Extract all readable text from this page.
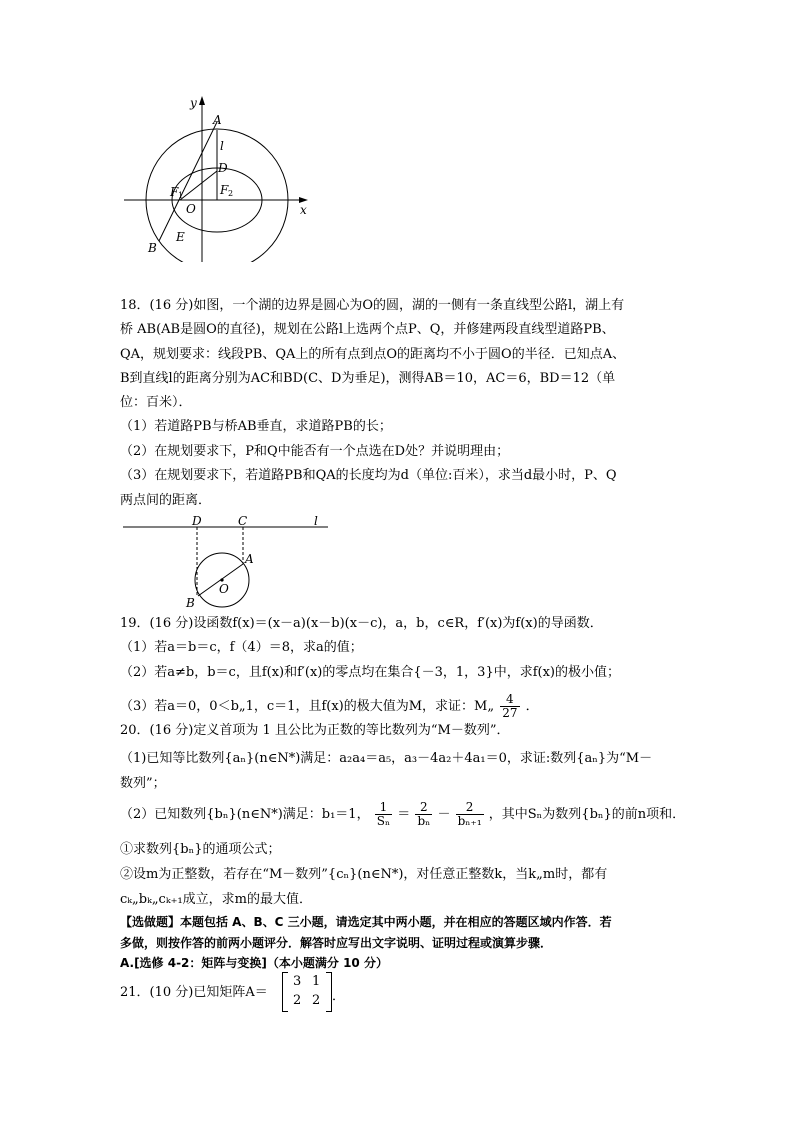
y
x
A
l
D
F 1	F 2
O
E
B
18．(16 分)如图，一个湖的边界是圆心为O的圆，湖的一侧有一条直线型公路l，湖上有
桥 AB(AB是圆O的直径)，规划在公路l上选两个点P、Q，并修建两段直线型道路PB、
QA，规划要求：线段PB、QA上的所有点到点O的距离均不小于圆O的半径．已知点A、
B到直线l的距离分别为AC和BD(C、D为垂足)，测得AB＝10，AC＝6，BD＝12（单
位：百米）．
（1）若道路PB与桥AB垂直，求道路PB的长；
（2）在规划要求下，P和Q中能否有一个点选在D处？并说明理由；
（3）在规划要求下，若道路PB和QA的长度均为d（单位:百米），求当d最小时，P、Q
两点间的距离．
D	C	l
A
O
B
19．(16 分)设函数f(x)＝(x－a)(x－b)(x－c)，a，b，c∈R，f′(x)为f(x)的导函数．
（1）若a＝b＝c，f（4）＝8，求a的值；
（2）若a≠b，b＝c，且f(x)和f′(x)的零点均在集合{－3，1，3}中，求f(x)的极小值；
（3）若a＝0，0＜b„1，c＝1，且f(x)的极大值为M，求证：M„ $\frac{4}{27}$ ．
20．(16 分)定义首项为 1 且公比为正数的等比数列为“M－数列”．
（1)已知等比数列{aₙ}(n∈N*)满足：a₂a₄＝a₅，a₃－4a₂＋4a₁＝0，求证:数列{aₙ}为“M－
数列”；
（2）已知数列{bₙ}(n∈N*)满足：b₁＝1， $\frac{1}{\text{Sₙ}} = \frac{2}{\text{bₙ}} - \frac{2}{\text{bₙ₊₁}}$ ，其中Sₙ为数列{bₙ}的前n项和．
①求数列{bₙ}的通项公式；
②设m为正整数，若存在“M－数列”{cₙ}(n∈N*)，对任意正整数k，当k„m时，都有
cₖ„bₖ„cₖ₊₁成立，求m的最大值．
【选做题】本题包括 A、B、C 三小题，请选定其中两小题，并在相应的答题区域内作答．若
多做，则按作答的前两小题评分．解答时应写出文字说明、证明过程或演算步骤．
A.[选修 4-2：矩阵与变换]（本小题满分 10 分）
21．(10 分)已知矩阵A＝
3 1
2 2 ．
